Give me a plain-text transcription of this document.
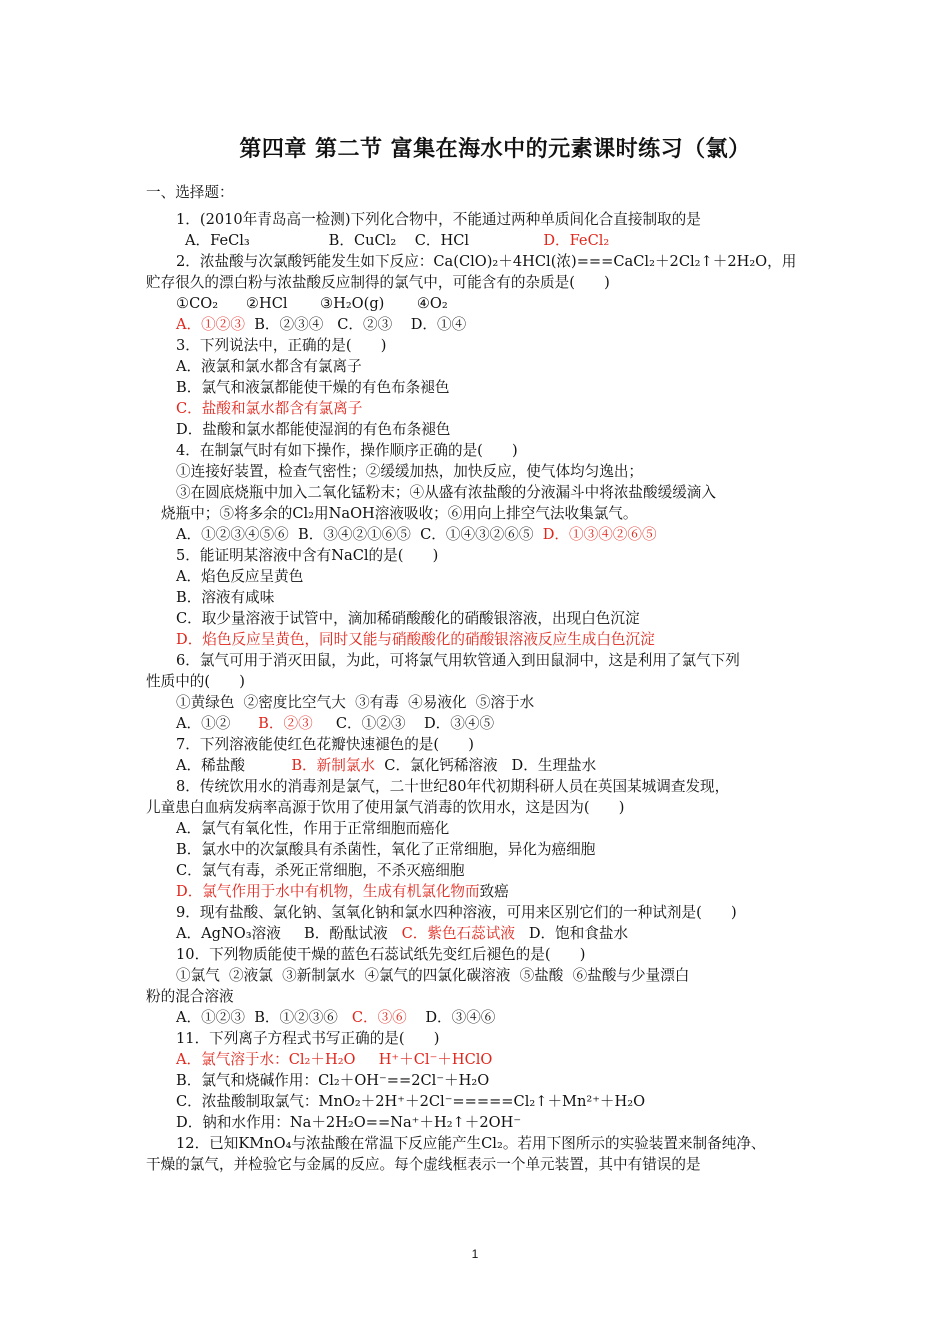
第四章 第二节 富集在海水中的元素课时练习（氯）
一、选择题：
1．(2010年青岛高一检测)下列化合物中，不能通过两种单质间化合直接制取的是
A．FeCl₃                 B．CuCl₂    C．HCl                D．FeCl₂
2．浓盐酸与次氯酸钙能发生如下反应：Ca(ClO)₂＋4HCl(浓)===CaCl₂＋2Cl₂↑＋2H₂O，用
贮存很久的漂白粉与浓盐酸反应制得的氯气中，可能含有的杂质是(　　)
①CO₂      ②HCl       ③H₂O(g)       ④O₂
A．①②③  B．②③④   C．②③    D．①④
3．下列说法中，正确的是(　　)
A．液氯和氯水都含有氯离子
B．氯气和液氯都能使干燥的有色布条褪色
C．盐酸和氯水都含有氯离子
D．盐酸和氯水都能使湿润的有色布条褪色
4．在制氯气时有如下操作，操作顺序正确的是(　　)
①连接好装置，检查气密性；②缓缓加热，加快反应，使气体均匀逸出；
③在圆底烧瓶中加入二氧化锰粉末；④从盛有浓盐酸的分液漏斗中将浓盐酸缓缓滴入
烧瓶中；⑤将多余的Cl₂用NaOH溶液吸收；⑥用向上排空气法收集氯气。
A．①②③④⑤⑥  B．③④②①⑥⑤  C．①④③②⑥⑤  D．①③④②⑥⑤
5．能证明某溶液中含有NaCl的是(　　)
A．焰色反应呈黄色
B．溶液有咸味
C．取少量溶液于试管中，滴加稀硝酸酸化的硝酸银溶液，出现白色沉淀
D．焰色反应呈黄色，同时又能与硝酸酸化的硝酸银溶液反应生成白色沉淀
6．氯气可用于消灭田鼠，为此，可将氯气用软管通入到田鼠洞中，这是利用了氯气下列
性质中的(　　)
①黄绿色  ②密度比空气大  ③有毒  ④易液化  ⑤溶于水
A．①②      B．②③     C．①②③    D．③④⑤
7．下列溶液能使红色花瓣快速褪色的是(　　)
A．稀盐酸          B．新制氯水  C．氯化钙稀溶液   D．生理盐水
8．传统饮用水的消毒剂是氯气，二十世纪80年代初期科研人员在英国某城调查发现，
儿童患白血病发病率高源于饮用了使用氯气消毒的饮用水，这是因为(　　)
A．氯气有氧化性，作用于正常细胞而癌化
B．氯水中的次氯酸具有杀菌性，氧化了正常细胞，异化为癌细胞
C．氯气有毒，杀死正常细胞，不杀灭癌细胞
D．氯气作用于水中有机物，生成有机氯化物而致癌
9．现有盐酸、氯化钠、氢氧化钠和氯水四种溶液，可用来区别它们的一种试剂是(　　)
A．AgNO₃溶液     B．酚酞试液   C．紫色石蕊试液   D．饱和食盐水
10．下列物质能使干燥的蓝色石蕊试纸先变红后褪色的是(　　)
①氯气  ②液氯  ③新制氯水  ④氯气的四氯化碳溶液  ⑤盐酸  ⑥盐酸与少量漂白
粉的混合溶液
A．①②③  B．①②③⑥   C．③⑥    D．③④⑥
11．下列离子方程式书写正确的是(　　)
A．氯气溶于水：Cl₂＋H₂O     H⁺＋Cl⁻＋HClO
B．氯气和烧碱作用：Cl₂＋OH⁻==2Cl⁻＋H₂O
C．浓盐酸制取氯气：MnO₂＋2H⁺＋2Cl⁻=====Cl₂↑＋Mn²⁺＋H₂O
D．钠和水作用：Na＋2H₂O==Na⁺＋H₂↑＋2OH⁻
12．已知KMnO₄与浓盐酸在常温下反应能产生Cl₂。若用下图所示的实验装置来制备纯净、
干燥的氯气，并检验它与金属的反应。每个虚线框表示一个单元装置，其中有错误的是
1
